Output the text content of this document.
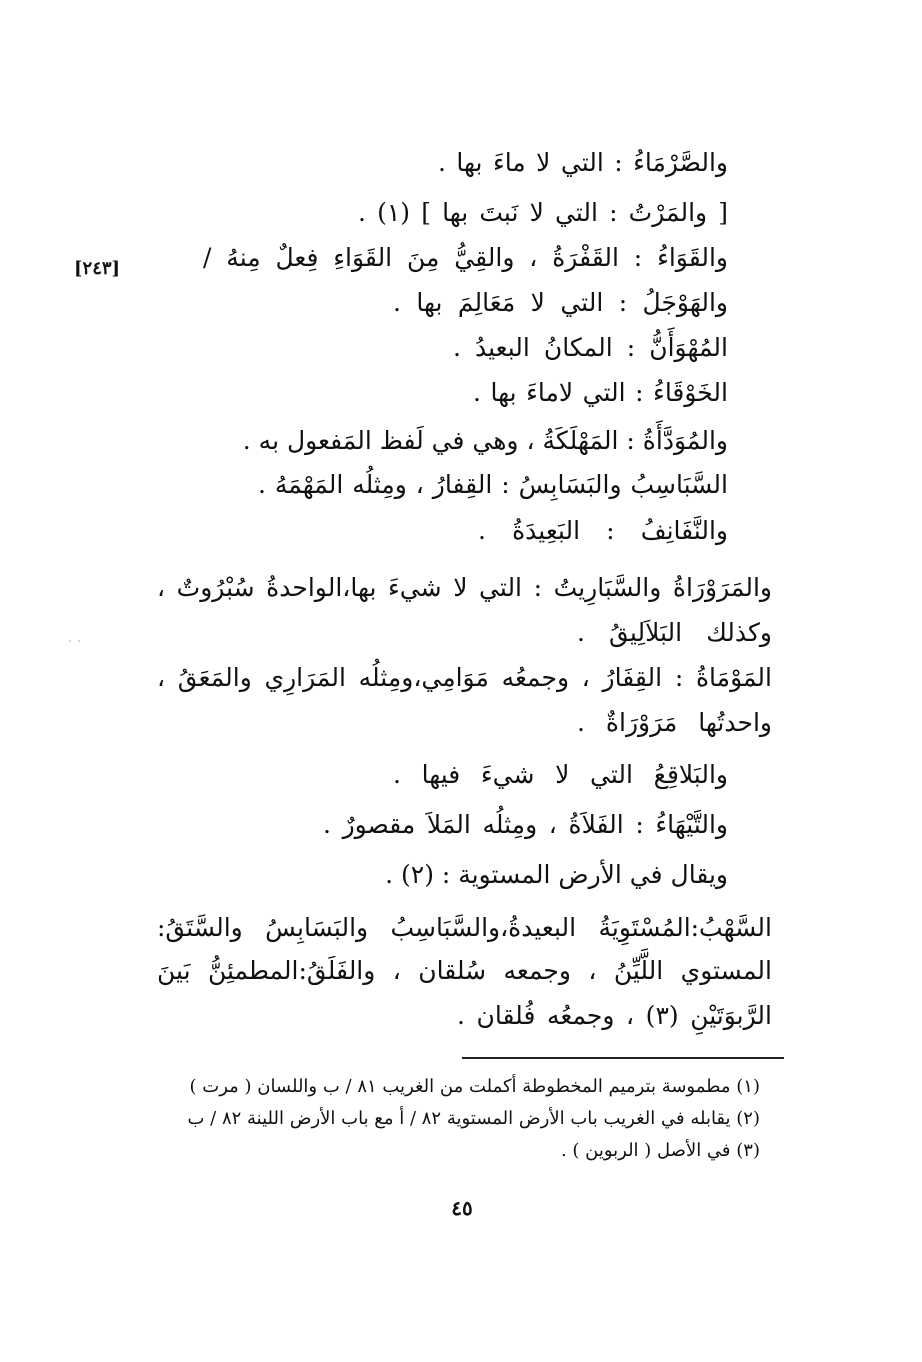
[٢٤٣]
· ·
والصَّرْمَاءُ : التي لا ماءَ بها .
[ والمَرْتُ : التي لا نَبتَ بها ] (١) .
والقَوَاءُ : القَفْرَةُ ، والقِيُّ مِنَ القَوَاءِ فِعلٌ مِنهُ /
والهَوْجَلُ : التي لا مَعَالِمَ بها .
المُهْوَأَنُّ : المكانُ البعيدُ .
الخَوْقَاءُ : التي لاماءَ بها .
والمُوَدَّأَةُ : المَهْلَكَةُ ، وهي في لَفظ المَفعول به .
السَّبَاسِبُ والبَسَابِسُ : القِفارُ ، ومِثلُه المَهْمَهُ .
والنَّفَانِفُ : البَعِيدَةُ .
والمَرَوْرَاةُ والسَّبَارِيتُ : التي لا شيءَ بها،الواحدةُ سُبْرُوتٌ ،
وكذلك البَلاَلِيقُ .
المَوْمَاةُ : القِفَارُ ، وجمعُه مَوَامِي،ومِثلُه المَرَارِي والمَعَقُ ،
واحدتُها مَرَوْرَاةٌ .
والبَلاقِعُ التي لا شيءَ فيها .
والتَّيْهَاءُ : الفَلاَةُ ، ومِثلُه المَلاَ مقصورٌ .
ويقال في الأرض المستوية : (٢) .
السَّهْبُ:المُسْتَوِيَةُ البعيدةُ،والسَّبَاسِبُ والبَسَابِسُ والسَّتَقُ:
المستوي اللَّيِّنُ ، وجمعه سُلقان ، والفَلَقُ:المطمئِنُّ بَينَ
الرَّبوَتَيْنِ (٣) ، وجمعُه فُلقان .
(١) مطموسة بترميم المخطوطة أكملت من الغريب ٨١ / ب واللسان ( مرت )
(٢) يقابله في الغريب باب الأرض المستوية ٨٢ / أ مع باب الأرض اللينة ٨٢ / ب
(٣) في الأصل ( الربوين ) .
٤٥
